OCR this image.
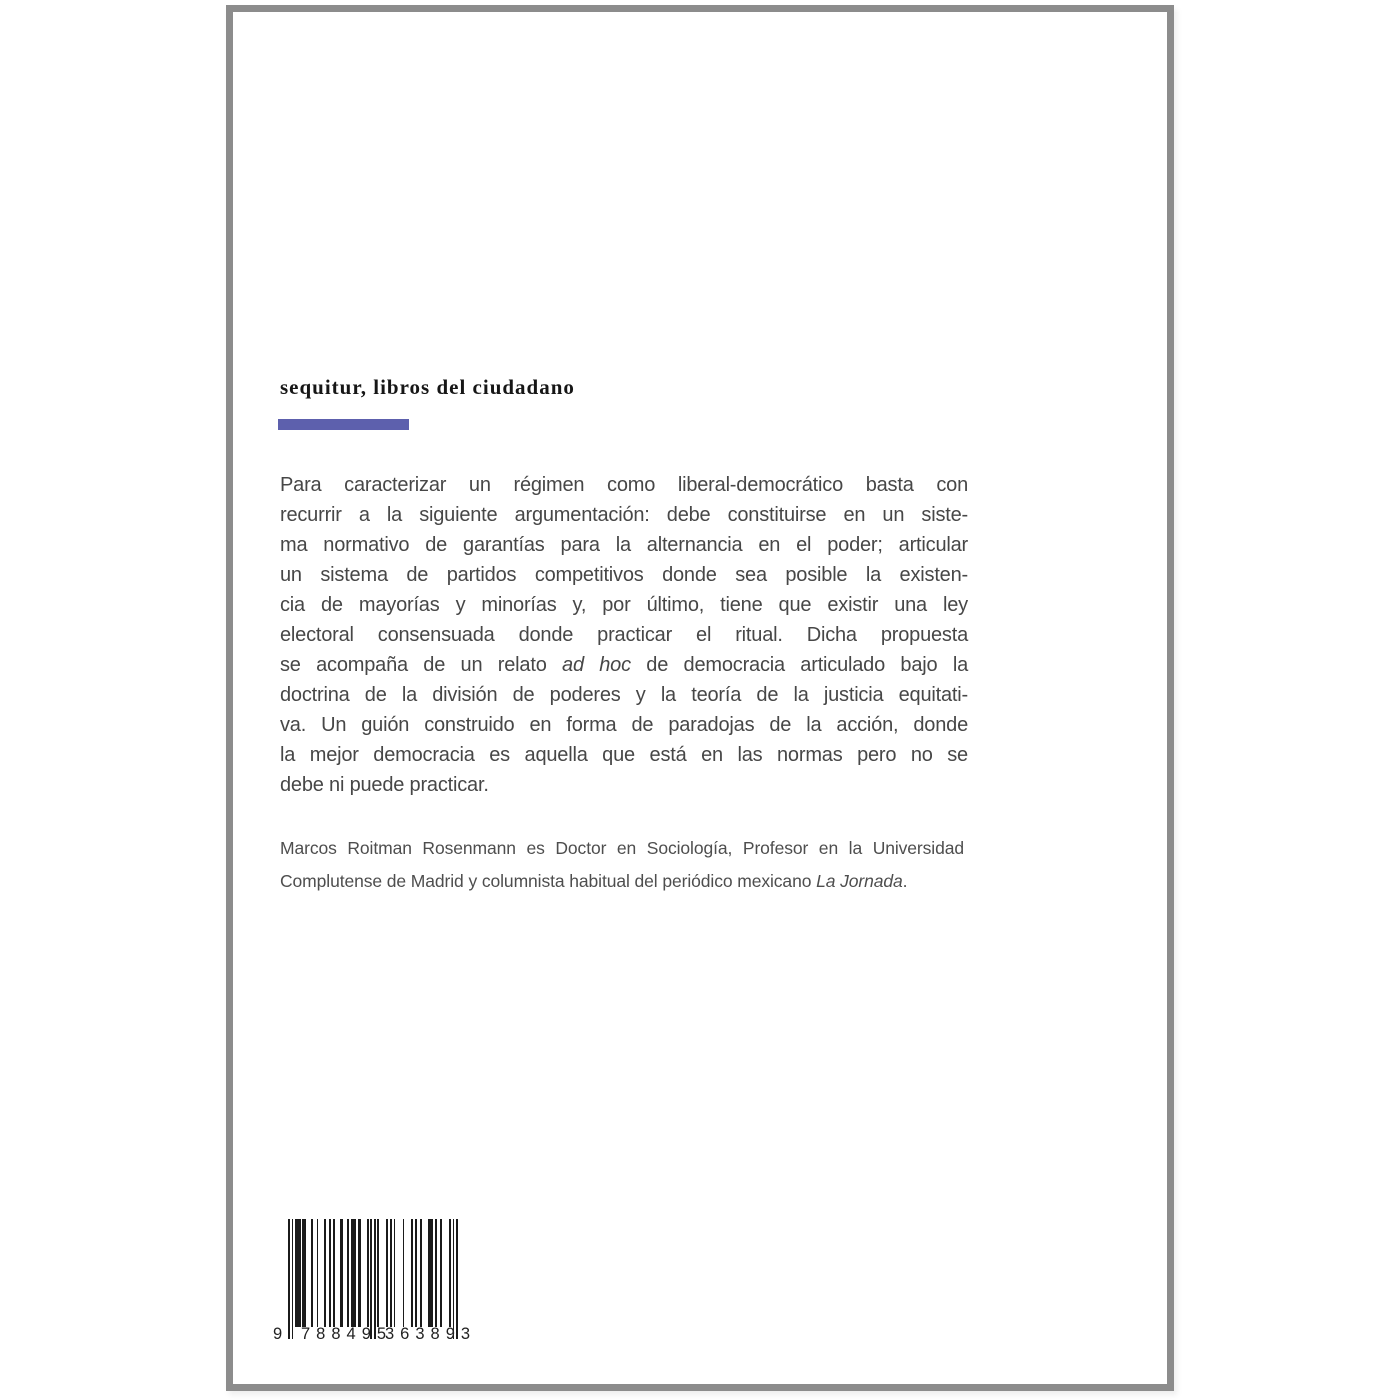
sequitur, libros del ciudadano
Para caracterizar un régimen como liberal-democrático basta con
recurrir a la siguiente argumentación: debe constituirse en un siste-
ma normativo de garantías para la alternancia en el poder; articular
un sistema de partidos competitivos donde sea posible la existen-
cia de mayorías y minorías y, por último, tiene que existir una ley
electoral consensuada donde practicar el ritual. Dicha propuesta
se acompaña de un relato ad hoc de democracia articulado bajo la
doctrina de la división de poderes y la teoría de la justicia equitati-
va. Un guión construido en forma de paradojas de la acción, donde
la mejor democracia es aquella que está en las normas pero no se
debe ni puede practicar.
Marcos Roitman Rosenmann es Doctor en Sociología, Profesor en la Universidad
Complutense de Madrid y columnista habitual del periódico mexicano La Jornada.
9 788495
363893
